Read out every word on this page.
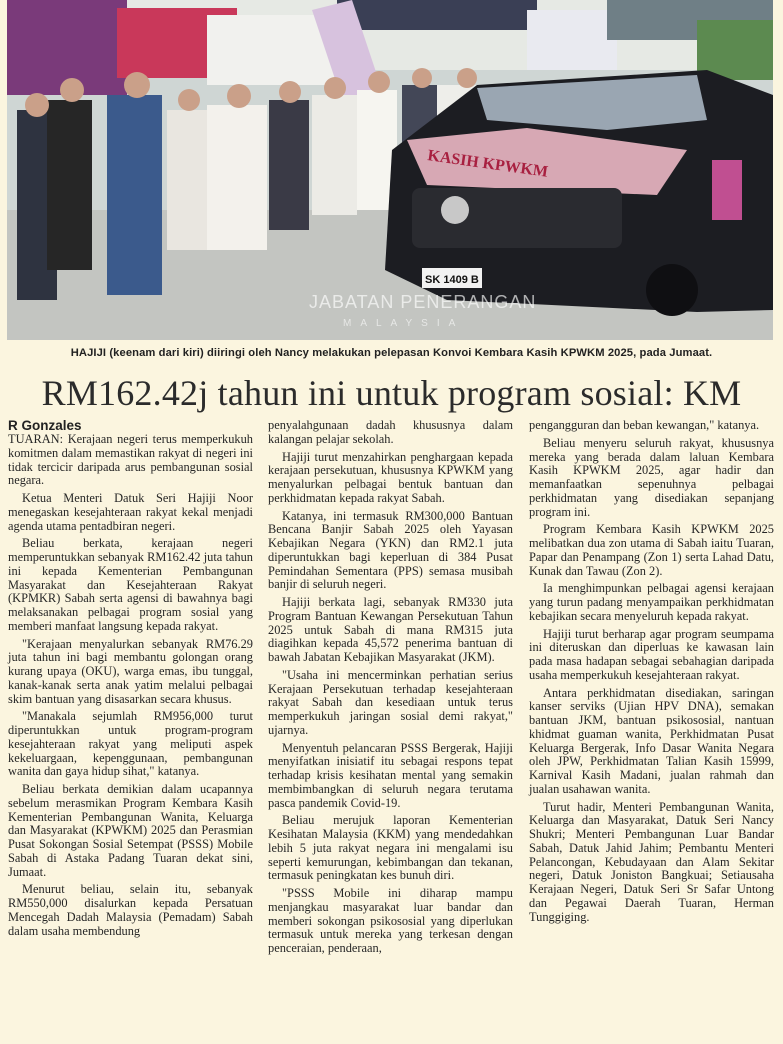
SK 1409 B
KASIH KPWKM
JABATAN PENERANGAN
MALAYSIA
HAJIJI (keenam dari kiri) diiringi oleh Nancy melakukan pelepasan Konvoi Kembara Kasih KPWKM 2025, pada Jumaat.
RM162.42j tahun ini untuk program sosial: KM
R Gonzales

TUARAN: Kerajaan negeri terus memperkukuh komitmen dalam memastikan rakyat di negeri ini tidak tercicir daripada arus pembangunan sosial negara.

Ketua Menteri Datuk Seri Hajiji Noor menegaskan kesejahteraan rakyat kekal menjadi agenda utama pentadbiran negeri.

Beliau berkata, kerajaan negeri memperuntukkan sebanyak RM162.42 juta tahun ini kepada Kementerian Pembangunan Masyarakat dan Kesejahteraan Rakyat (KPMKR) Sabah serta agensi di bawahnya bagi melaksanakan pelbagai program sosial yang memberi manfaat langsung kepada rakyat.

"Kerajaan menyalurkan sebanyak RM76.29 juta tahun ini bagi membantu golongan orang kurang upaya (OKU), warga emas, ibu tunggal, kanak-kanak serta anak yatim melalui pelbagai skim bantuan yang disasarkan secara khusus.

"Manakala sejumlah RM956,000 turut diperuntukkan untuk program-program kesejahteraan rakyat yang meliputi aspek kekeluargaan, kepenggunaan, pembangunan wanita dan gaya hidup sihat," katanya.

Beliau berkata demikian dalam ucapannya sebelum merasmikan Program Kembara Kasih Kementerian Pembangunan Wanita, Keluarga dan Masyarakat (KPWKM) 2025 dan Perasmian Pusat Sokongan Sosial Setempat (PSSS) Mobile Sabah di Astaka Padang Tuaran dekat sini, Jumaat.

Menurut beliau, selain itu, sebanyak RM550,000 disalurkan kepada Persatuan Mencegah Dadah Malaysia (Pemadam) Sabah dalam usaha membendung

penyalahgunaan dadah khususnya dalam kalangan pelajar sekolah.

Hajiji turut menzahirkan penghargaan kepada kerajaan persekutuan, khususnya KPWKM yang menyalurkan pelbagai bentuk bantuan dan perkhidmatan kepada rakyat Sabah.

Katanya, ini termasuk RM300,000 Bantuan Bencana Banjir Sabah 2025 oleh Yayasan Kebajikan Negara (YKN) dan RM2.1 juta diperuntukkan bagi keperluan di 384 Pusat Pemindahan Sementara (PPS) semasa musibah banjir di seluruh negeri.

Hajiji berkata lagi, sebanyak RM330 juta Program Bantuan Kewangan Persekutuan Tahun 2025 untuk Sabah di mana RM315 juta diagihkan kepada 45,572 penerima bantuan di bawah Jabatan Kebajikan Masyarakat (JKM).

"Usaha ini mencerminkan perhatian serius Kerajaan Persekutuan terhadap kesejahteraan rakyat Sabah dan kesediaan untuk terus memperkukuh jaringan sosial demi rakyat," ujarnya.

Menyentuh pelancaran PSSS Bergerak, Hajiji menyifatkan inisiatif itu sebagai respons tepat terhadap krisis kesihatan mental yang semakin membimbangkan di seluruh negara terutama pasca pandemik Covid-19.

Beliau merujuk laporan Kementerian Kesihatan Malaysia (KKM) yang mendedahkan lebih 5 juta rakyat negara ini mengalami isu seperti kemurungan, kebimbangan dan tekanan, termasuk peningkatan kes bunuh diri.

"PSSS Mobile ini diharap mampu menjangkau masyarakat luar bandar dan memberi sokongan psikososial yang diperlukan termasuk untuk mereka yang terkesan dengan penceraian, penderaan,

pengangguran dan beban kewangan," katanya.

Beliau menyeru seluruh rakyat, khususnya mereka yang berada dalam laluan Kembara Kasih KPWKM 2025, agar hadir dan memanfaatkan sepenuhnya pelbagai perkhidmatan yang disediakan sepanjang program ini.

Program Kembara Kasih KPWKM 2025 melibatkan dua zon utama di Sabah iaitu Tuaran, Papar dan Penampang (Zon 1) serta Lahad Datu, Kunak dan Tawau (Zon 2).

Ia menghimpunkan pelbagai agensi kerajaan yang turun padang menyampaikan perkhidmatan kebajikan secara menyeluruh kepada rakyat.

Hajiji turut berharap agar program seumpama ini diteruskan dan diperluas ke kawasan lain pada masa hadapan sebagai sebahagian daripada usaha memperkukuh kesejahteraan rakyat.

Antara perkhidmatan disediakan, saringan kanser serviks (Ujian HPV DNA), semakan bantuan JKM, bantuan psikososial, nantuan khidmat guaman wanita, Perkhidmatan Pusat Keluarga Bergerak, Info Dasar Wanita Negara oleh JPW, Perkhidmatan Talian Kasih 15999, Karnival Kasih Madani, jualan rahmah dan jualan usahawan wanita.

Turut hadir, Menteri Pembangunan Wanita, Keluarga dan Masyarakat, Datuk Seri Nancy Shukri; Menteri Pembangunan Luar Bandar Sabah, Datuk Jahid Jahim; Pembantu Menteri Pelancongan, Kebudayaan dan Alam Sekitar negeri, Datuk Joniston Bangkuai; Setiausaha Kerajaan Negeri, Datuk Seri Sr Safar Untong dan Pegawai Daerah Tuaran, Herman Tunggiging.
